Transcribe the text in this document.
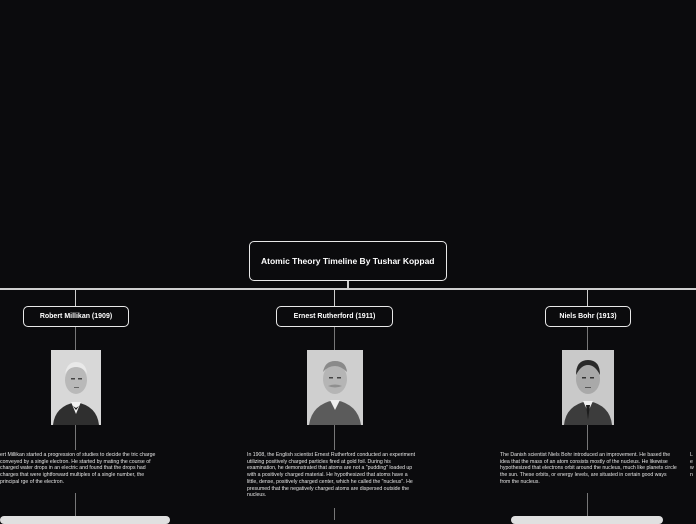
Atomic Theory Timeline By Tushar Koppad
Robert Millikan (1909)	Ernest Rutherford (1911)	Niels Bohr (1913)
ert Millikan started a progression of studies to decide the tric charge conveyed by a single electron. He started by mating the course of charged water drops in an electric and found that the drops had charges that were ightforward multiples of a single number, the principal rge of the electron.
In 1908, the English scientist Ernest Rutherford conducted an experiment utilizing positively charged particles fired at gold foil. During his examination, he demonstrated that atoms are not a "pudding" loaded up with a positively charged material. He hypothesized that atoms have a little, dense, positively charged center, which he called the "nucleus". He presumed that the negatively charged atoms are dispersed outside the nucleus.
The Danish scientist Niels Bohr introduced an improvement. He based the idea that the mass of an atom consists mostly of the nucleus. He likewise hypothesized that electrons orbit around the nucleus, much like planets circle the sun. These orbits, or energy levels, are situated in certain good ways from the nucleus.
L e w n
